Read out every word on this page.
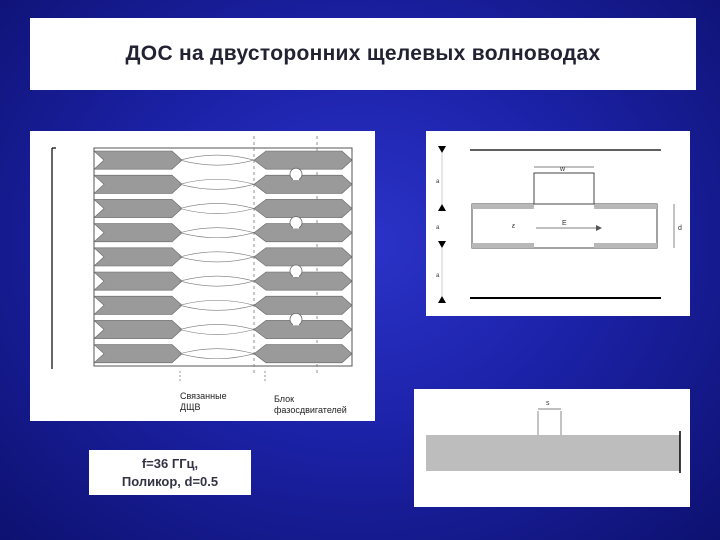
ДОС на двусторонних щелевых волноводах
Связанные
ДЩВ
Блок
фазосдвигателей
w
E
ε	d
a
a
a
s
f=36 ГГц,
Поликор, d=0.5
